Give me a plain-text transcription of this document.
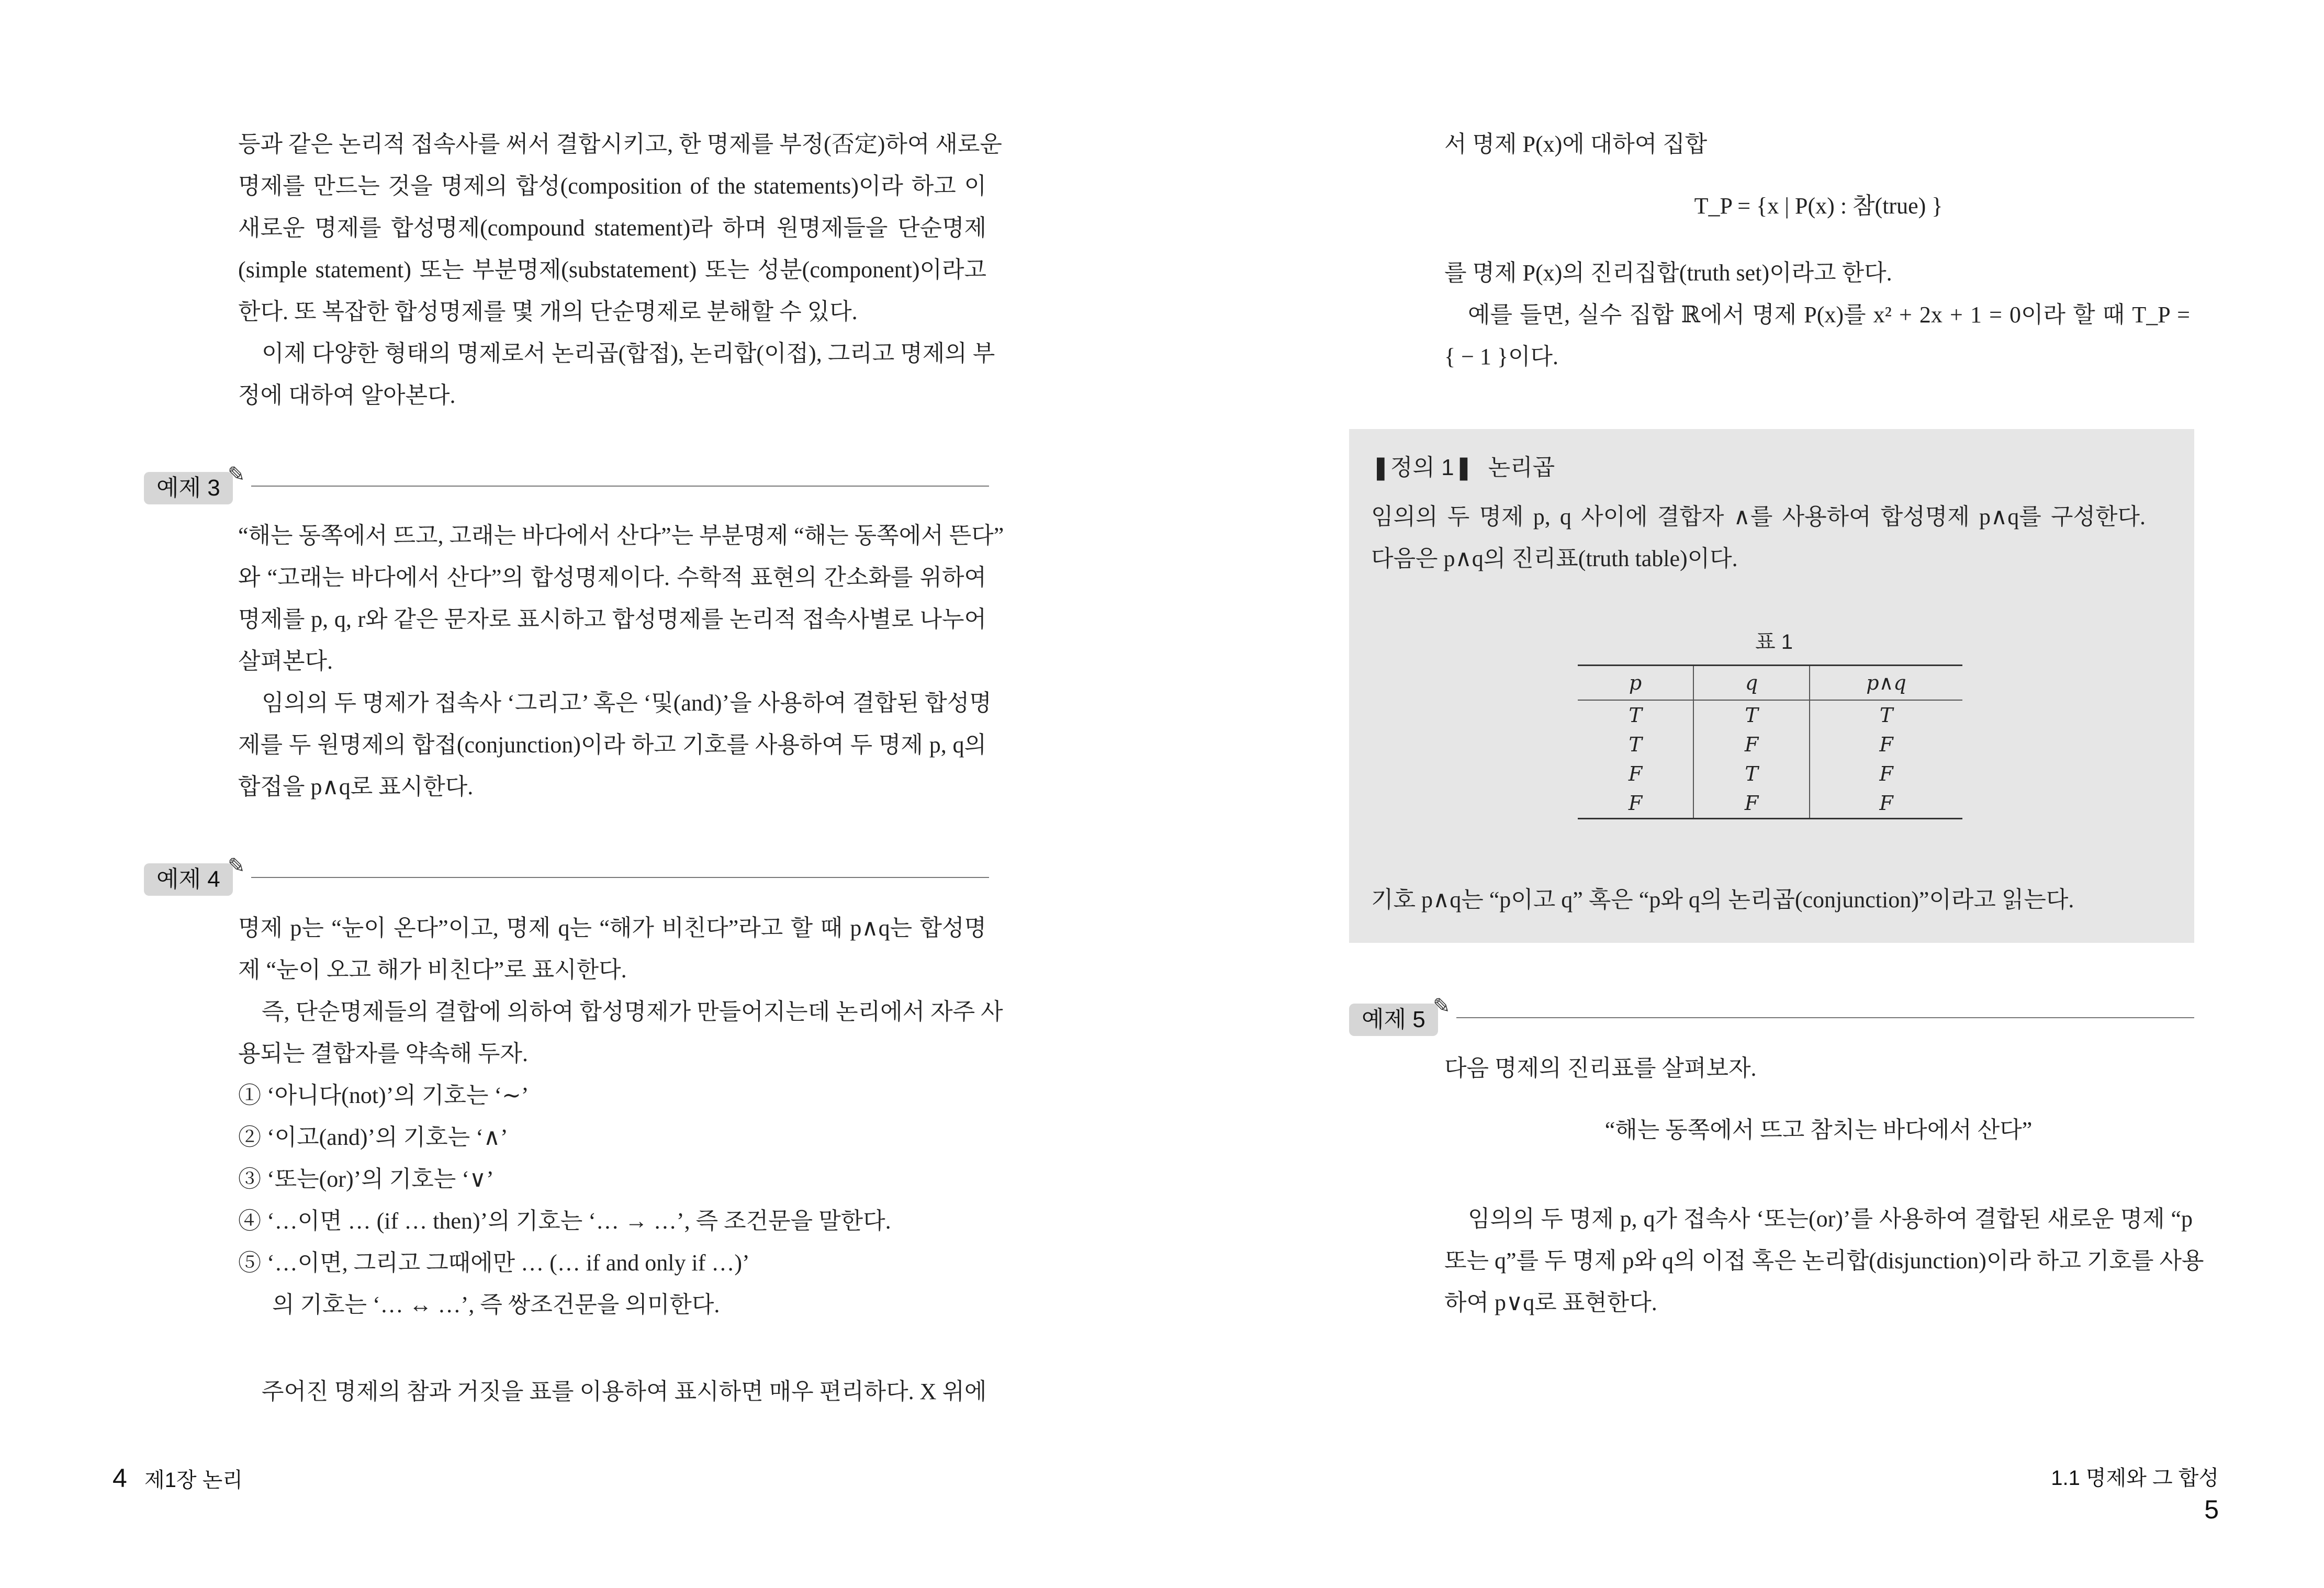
등과 같은 논리적 접속사를 써서 결합시키고, 한 명제를 부정(否定)하여 새로운
명제를 만드는 것을 명제의 합성(composition of the statements)이라 하고 이
새로운 명제를 합성명제(compound statement)라 하며 원명제들을 단순명제
(simple statement) 또는 부분명제(substatement) 또는 성분(component)이라고
한다. 또 복잡한 합성명제를 몇 개의 단순명제로 분해할 수 있다.
이제 다양한 형태의 명제로서 논리곱(합접), 논리합(이접), 그리고 명제의 부
정에 대하여 알아본다.
예제 3
✎
“해는 동쪽에서 뜨고, 고래는 바다에서 산다”는 부분명제 “해는 동쪽에서 뜬다”
와 “고래는 바다에서 산다”의 합성명제이다. 수학적 표현의 간소화를 위하여
명제를 p, q, r와 같은 문자로 표시하고 합성명제를 논리적 접속사별로 나누어
살펴본다.
임의의 두 명제가 접속사 ‘그리고’ 혹은 ‘및(and)’을 사용하여 결합된 합성명
제를 두 원명제의 합접(conjunction)이라 하고 기호를 사용하여 두 명제 p, q의
합접을 p∧q로 표시한다.
예제 4
✎
명제 p는 “눈이 온다”이고, 명제 q는 “해가 비친다”라고 할 때 p∧q는 합성명
제 “눈이 오고 해가 비친다”로 표시한다.
즉, 단순명제들의 결합에 의하여 합성명제가 만들어지는데 논리에서 자주 사
용되는 결합자를 약속해 두자.
① ‘아니다(not)’의 기호는 ‘∼’
② ‘이고(and)’의 기호는 ‘∧’
③ ‘또는(or)’의 기호는 ‘∨’
④ ‘…이면 … (if … then)’의 기호는 ‘… → …’, 즉 조건문을 말한다.
⑤ ‘…이면, 그리고 그때에만 … (… if and only if …)’
의 기호는 ‘… ↔ …’, 즉 쌍조건문을 의미한다.
주어진 명제의 참과 거짓을 표를 이용하여 표시하면 매우 편리하다. X 위에
4 제1장 논리
서 명제 P(x)에 대하여 집합
T_P = {x | P(x) : 참(true) }
를 명제 P(x)의 진리집합(truth set)이라고 한다.
예를 들면, 실수 집합 ℝ에서 명제 P(x)를 x² + 2x + 1 = 0이라 할 때 T_P =
{ − 1 }이다.
❚정의 1❚ 논리곱
임의의 두 명제 p, q 사이에 결합자 ∧를 사용하여 합성명제 p∧q를 구성한다.
다음은 p∧q의 진리표(truth table)이다.
표 1
p	q	p∧q
T	T	T
T	F	F
F	T	F
F	F	F
기호 p∧q는 “p이고 q” 혹은 “p와 q의 논리곱(conjunction)”이라고 읽는다.
예제 5
✎
다음 명제의 진리표를 살펴보자.
“해는 동쪽에서 뜨고 참치는 바다에서 산다”
임의의 두 명제 p, q가 접속사 ‘또는(or)’를 사용하여 결합된 새로운 명제 “p
또는 q”를 두 명제 p와 q의 이접 혹은 논리합(disjunction)이라 하고 기호를 사용
하여 p∨q로 표현한다.
1.1 명제와 그 합성 5
